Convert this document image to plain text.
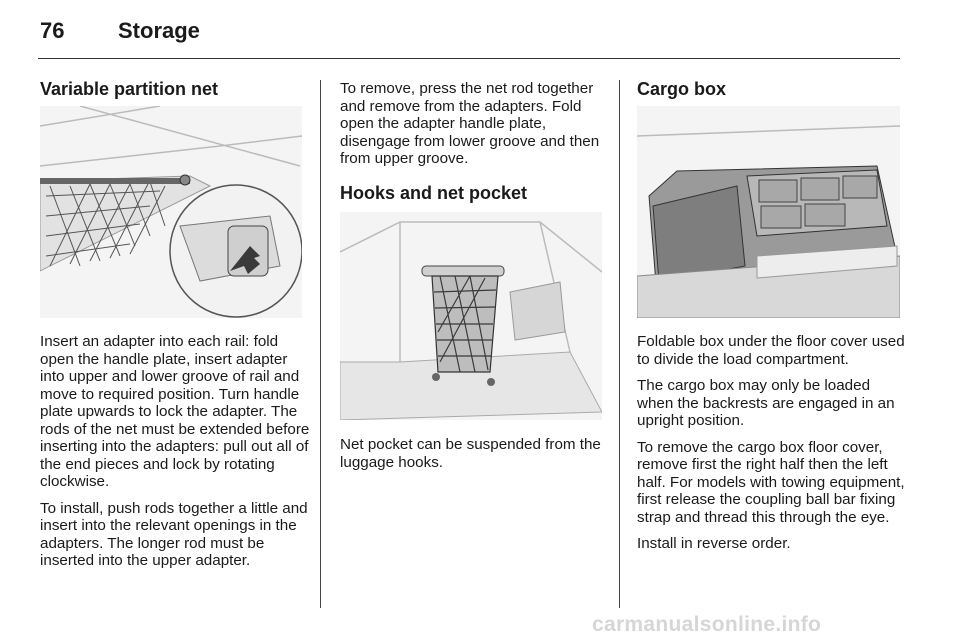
76 Storage
Variable partition net

Insert an adapter into each rail: fold open the handle plate, insert adapter into upper and lower groove of rail and move to required position. Turn handle plate upwards to lock the adapter. The rods of the net must be extended before inserting into the adapters: pull out all of the end pieces and lock by rotating clockwise.

To install, push rods together a little and insert into the relevant openings in the adapters. The longer rod must be inserted into the upper adapter.

To remove, press the net rod together and remove from the adapters. Fold open the adapter handle plate, disengage from lower groove and then from upper groove.

Hooks and net pocket

Net pocket can be suspended from the luggage hooks.

Cargo box

Foldable box under the floor cover used to divide the load compartment.

The cargo box may only be loaded when the backrests are engaged in an upright position.

To remove the cargo box floor cover, remove first the right half then the left half. For models with towing equipment, first release the coupling ball bar fixing strap and thread this through the eye.

Install in reverse order.

carmanualsonline.info
